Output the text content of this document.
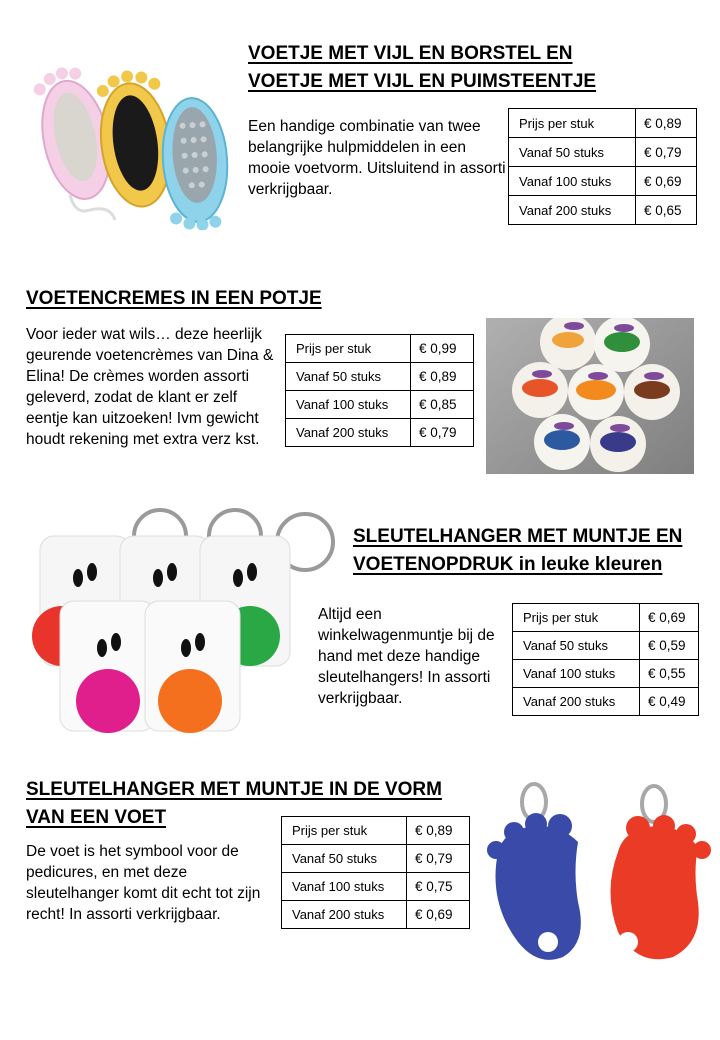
VOETJE MET VIJL EN BORSTEL EN
VOETJE MET VIJL EN PUIMSTEENTJE
Een handige combinatie van twee belangrijke hulpmiddelen in een mooie voetvorm. Uitsluitend in assorti verkrijgbaar.
Prijs per stuk	€ 0,89
Vanaf 50 stuks	€ 0,79
Vanaf 100 stuks	€ 0,69
Vanaf 200 stuks	€ 0,65
VOETENCREMES IN EEN POTJE
Voor ieder wat wils… deze heerlijk geurende voetencrèmes van Dina & Elina! De crèmes worden assorti geleverd, zodat de klant er zelf eentje kan uitzoeken! Ivm gewicht houdt rekening met extra verz kst.
Prijs per stuk	€ 0,99
Vanaf 50 stuks	€ 0,89
Vanaf 100 stuks	€ 0,85
Vanaf 200 stuks	€ 0,79
SLEUTELHANGER MET MUNTJE EN
VOETENOPDRUK in leuke kleuren
Altijd een winkelwagenmuntje bij de hand met deze handige sleutelhangers! In assorti verkrijgbaar.
Prijs per stuk	€ 0,69
Vanaf 50 stuks	€ 0,59
Vanaf 100 stuks	€ 0,55
Vanaf 200 stuks	€ 0,49
SLEUTELHANGER MET MUNTJE IN DE VORM
VAN EEN VOET
De voet is het symbool voor de pedicures, en met deze sleutelhanger komt dit echt tot zijn recht! In assorti verkrijgbaar.
Prijs per stuk	€ 0,89
Vanaf 50 stuks	€ 0,79
Vanaf 100 stuks	€ 0,75
Vanaf 200 stuks	€ 0,69
